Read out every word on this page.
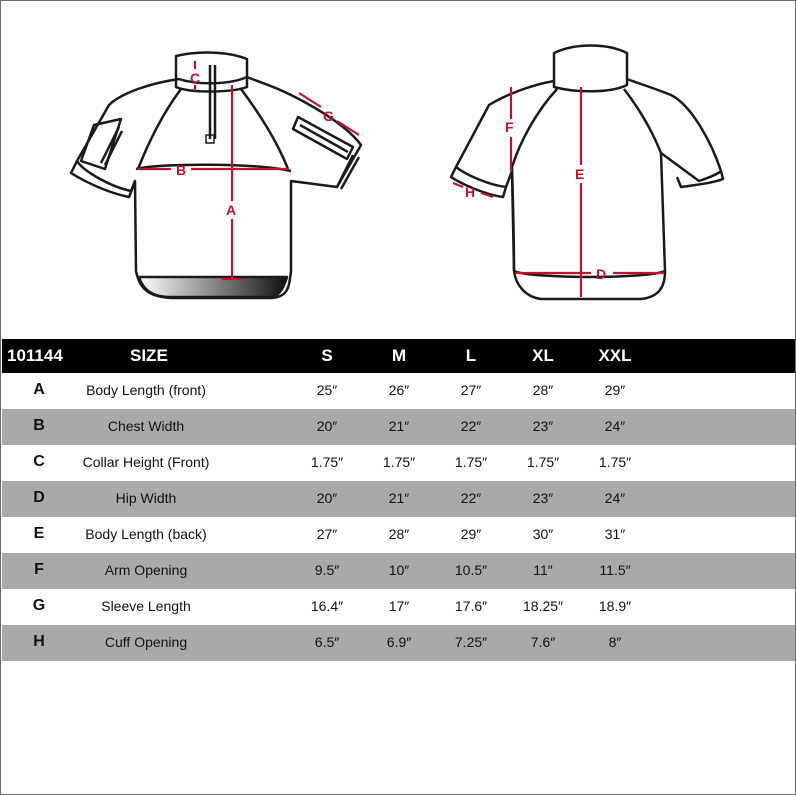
A
B
C
G
E
F
D
H
101144	SIZE	S	M	L	XL	XXL
A	Body Length (front)	25″	26″	27″	28″	29″
B	Chest Width	20″	21″	22″	23″	24″
C	Collar Height (Front)	1.75″	1.75″	1.75″	1.75″	1.75″
D	Hip Width	20″	21″	22″	23″	24″
E	Body Length (back)	27″	28″	29″	30″	31″
F	Arm Opening	9.5″	10″	10.5″	11″	11.5″
G	Sleeve Length	16.4″	17″	17.6″	18.25″	18.9″
H	Cuff Opening	6.5″	6.9″	7.25″	7.6″	8″
